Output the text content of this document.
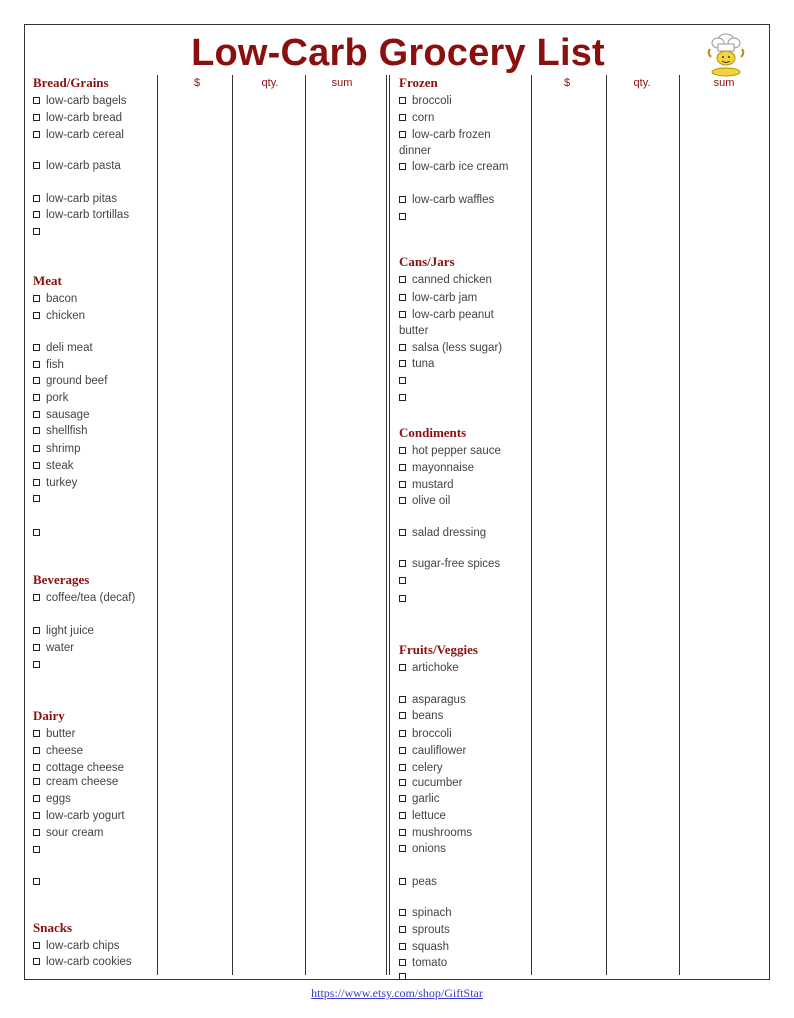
Low-Carb Grocery List
$	qty.	sum	$	qty.	sum
Bread/Grains
low-carb bagels
low-carb bread
low-carb cereal
low-carb pasta
low-carb pitas
low-carb tortillas
Meat
bacon
chicken
deli meat
fish
ground beef
pork
sausage
shellfish
shrimp
steak
turkey
Beverages
coffee/tea (decaf)
light juice
water
Dairy
butter
cheese
cottage cheese
cream cheese
eggs
low-carb yogurt
sour cream
Snacks
low-carb chips
low-carb cookies
Frozen
broccoli
corn
low-carb frozen dinner
low-carb ice cream
low-carb waffles
Cans/Jars
canned chicken
low-carb jam
low-carb peanut butter
salsa (less sugar)
tuna
Condiments
hot pepper sauce
mayonnaise
mustard
olive oil
salad dressing
sugar-free spices
Fruits/Veggies
artichoke
asparagus
beans
broccoli
cauliflower
celery
cucumber
garlic
lettuce
mushrooms
onions
peas
spinach
sprouts
squash
tomato
https://www.etsy.com/shop/GiftStar
